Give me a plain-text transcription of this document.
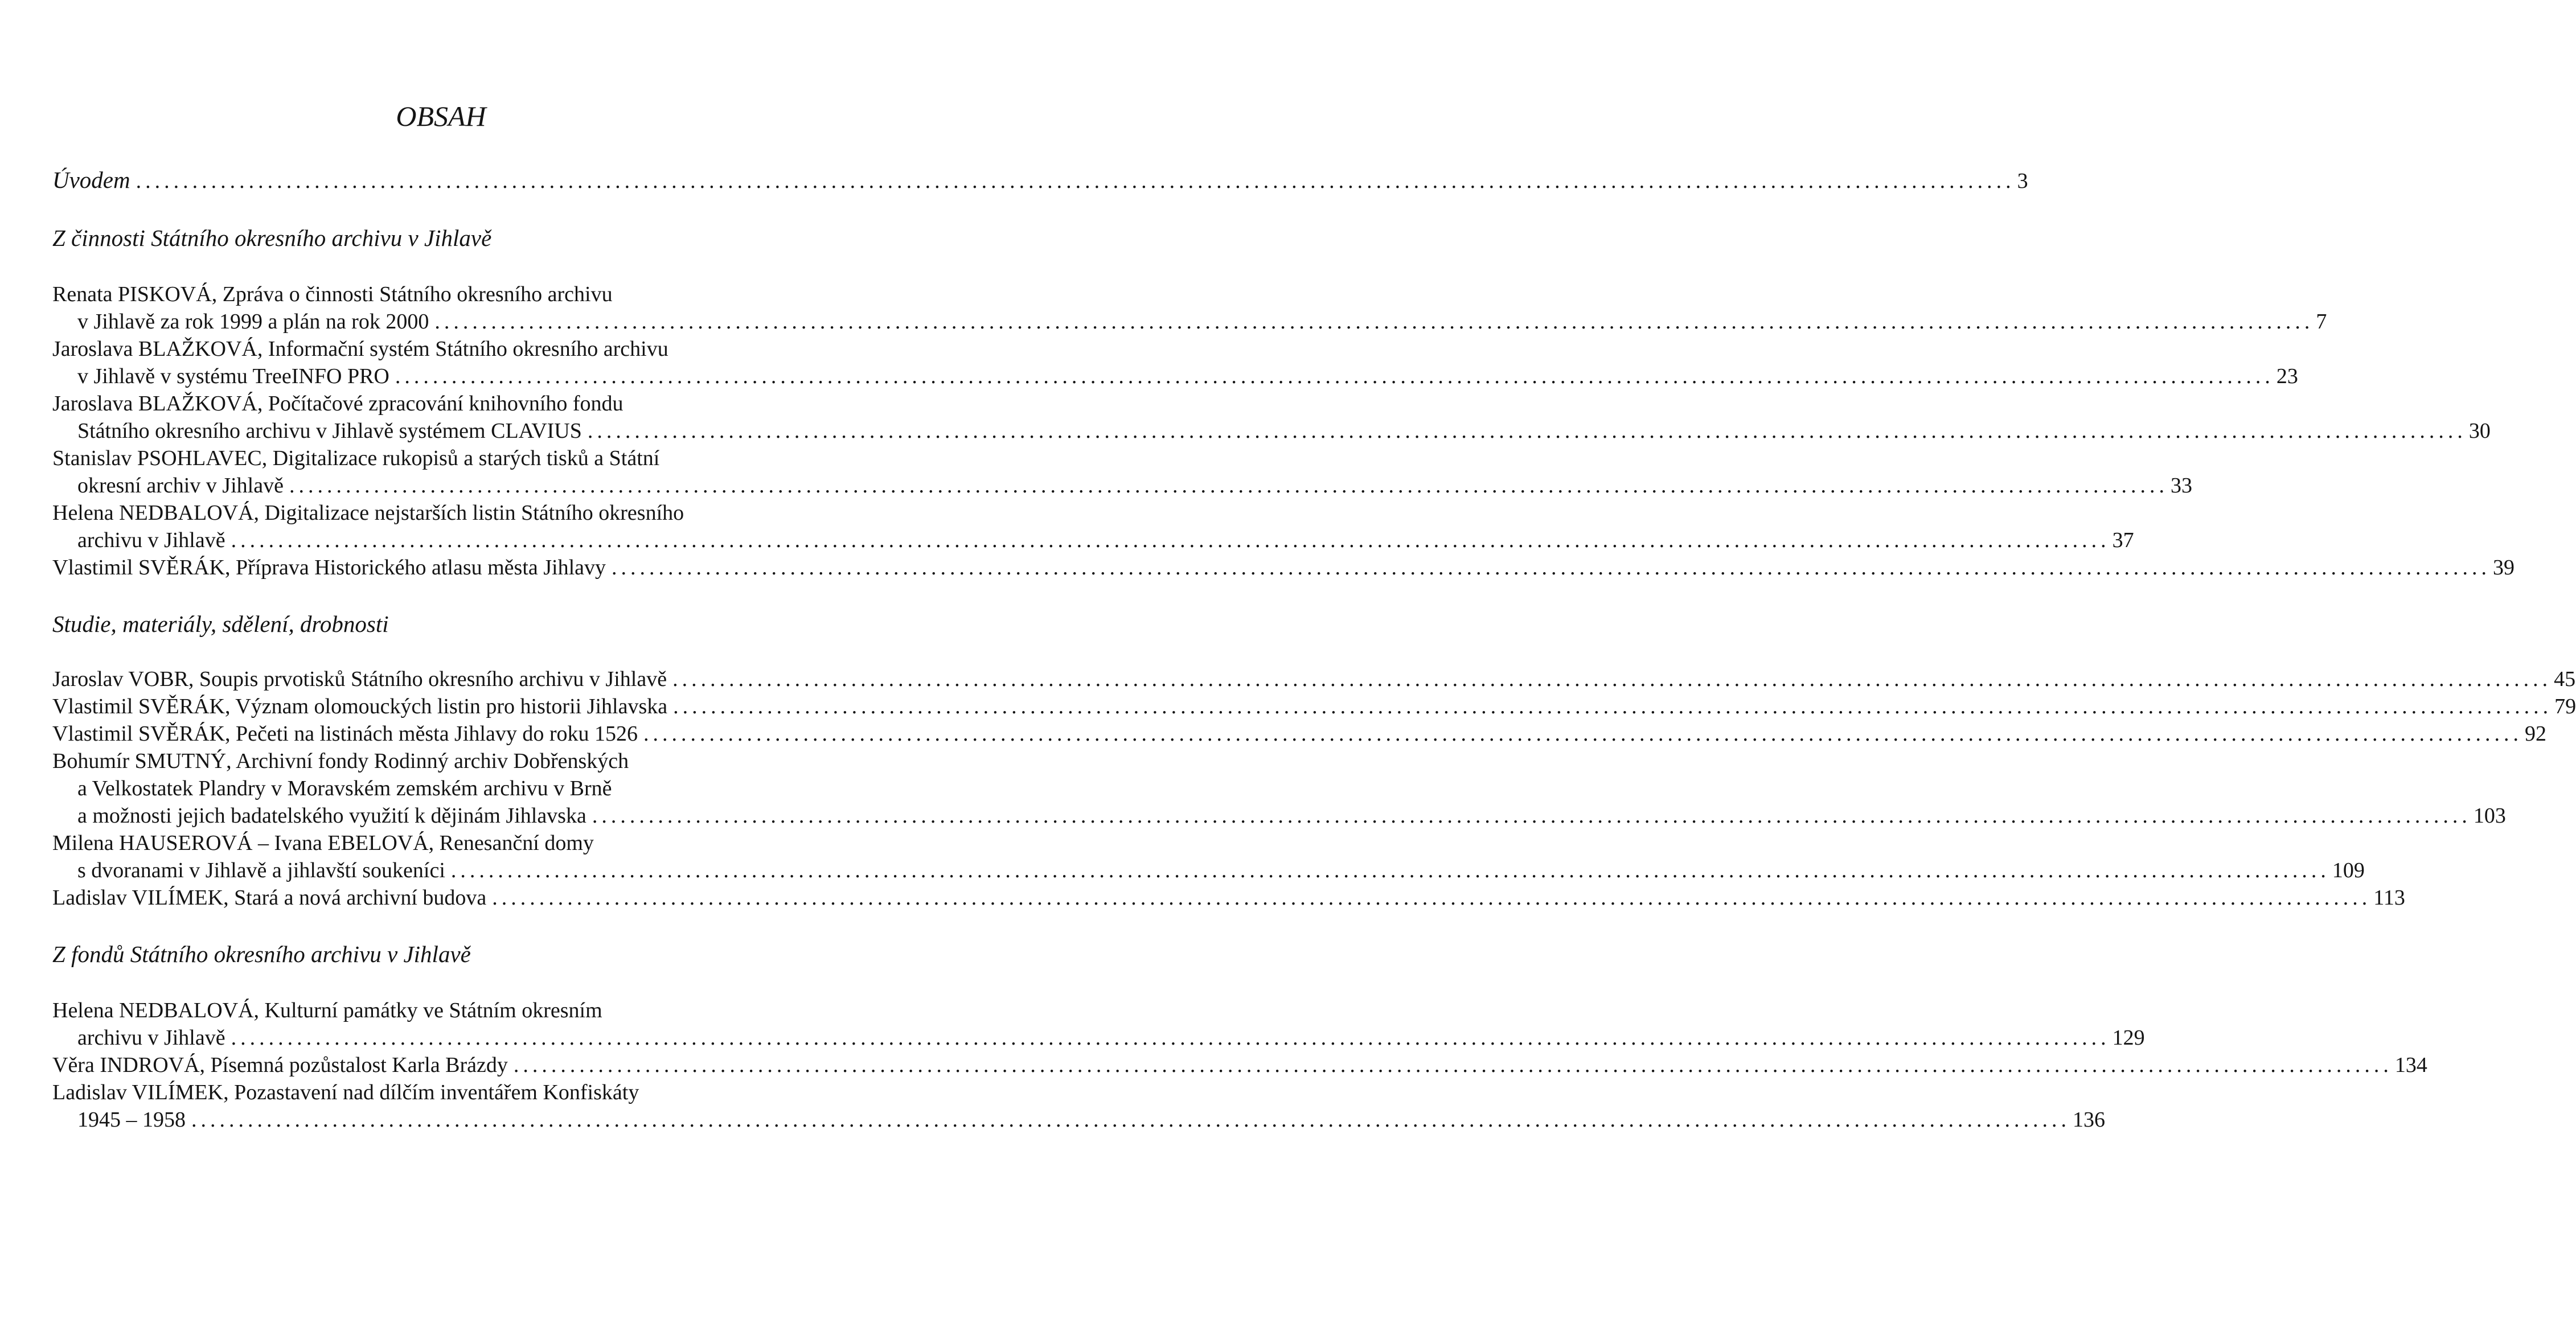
OBSAH
Úvodem ........................................................................................................................................................................................................ 3
Z činnosti Státního okresního archivu v Jihlavě
Renata PISKOVÁ, Zpráva o činnosti Státního okresního archivu
v Jihlavě za rok 1999 a plán na rok 2000 ........................................................................................................................................................................................................ 7
Jaroslava BLAŽKOVÁ, Informační systém Státního okresního archivu
v Jihlavě v systému TreeINFO PRO ........................................................................................................................................................................................................ 23
Jaroslava BLAŽKOVÁ, Počítačové zpracování knihovního fondu
Státního okresního archivu v Jihlavě systémem CLAVIUS ........................................................................................................................................................................................................ 30
Stanislav PSOHLAVEC, Digitalizace rukopisů a starých tisků a Státní
okresní archiv v Jihlavě ........................................................................................................................................................................................................ 33
Helena NEDBALOVÁ, Digitalizace nejstarších listin Státního okresního
archivu v Jihlavě ........................................................................................................................................................................................................ 37
Vlastimil SVĚRÁK, Příprava Historického atlasu města Jihlavy ........................................................................................................................................................................................................ 39
Studie, materiály, sdělení, drobnosti
Jaroslav VOBR, Soupis prvotisků Státního okresního archivu v Jihlavě ........................................................................................................................................................................................................ 45
Vlastimil SVĚRÁK, Význam olomouckých listin pro historii Jihlavska ........................................................................................................................................................................................................ 79
Vlastimil SVĚRÁK, Pečeti na listinách města Jihlavy do roku 1526 ........................................................................................................................................................................................................ 92
Bohumír SMUTNÝ, Archivní fondy Rodinný archiv Dobřenských
a Velkostatek Plandry v Moravském zemském archivu v Brně
a možnosti jejich badatelského využití k dějinám Jihlavska ........................................................................................................................................................................................................ 103
Milena HAUSEROVÁ – Ivana EBELOVÁ, Renesanční domy
s dvoranami v Jihlavě a jihlavští soukeníci ........................................................................................................................................................................................................ 109
Ladislav VILÍMEK, Stará a nová archivní budova ........................................................................................................................................................................................................ 113
Z fondů Státního okresního archivu v Jihlavě
Helena NEDBALOVÁ, Kulturní památky ve Státním okresním
archivu v Jihlavě ........................................................................................................................................................................................................ 129
Věra INDROVÁ, Písemná pozůstalost Karla Brázdy ........................................................................................................................................................................................................ 134
Ladislav VILÍMEK, Pozastavení nad dílčím inventářem Konfiskáty
1945 – 1958 ........................................................................................................................................................................................................ 136
